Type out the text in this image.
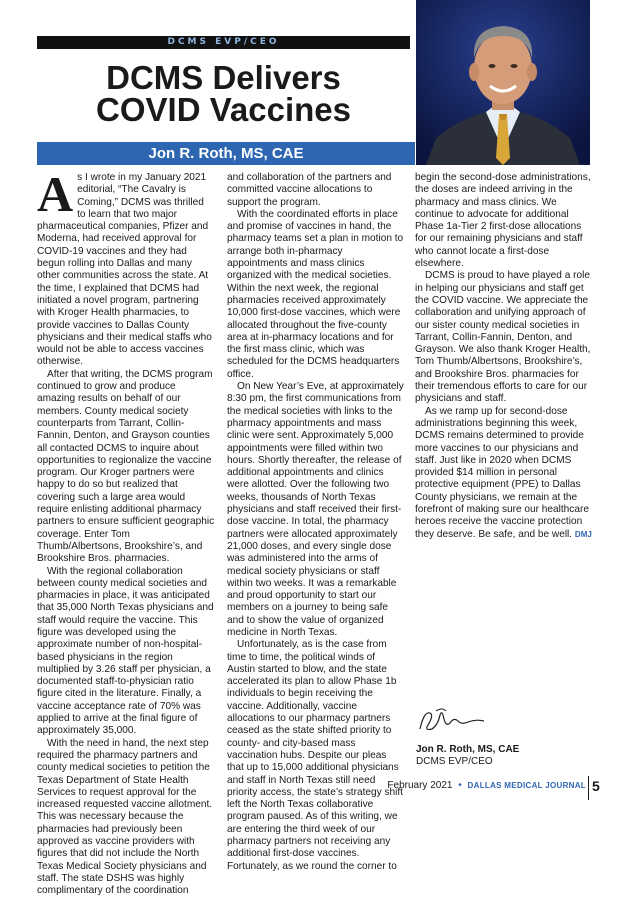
DCMS EVP/CEO
DCMS Delivers
COVID Vaccines
Jon R. Roth, MS, CAE

As I wrote in my January 2021 editorial, “The Cavalry is Coming,” DCMS was thrilled to learn that two major pharmaceutical companies, Pfizer and Moderna, had received approval for COVID-19 vaccines and they had begun rolling into Dallas and many other communities across the state. At the time, I explained that DCMS had initiated a novel program, partnering with Kroger Health pharmacies, to provide vaccines to Dallas County physicians and their medical staffs who would not be able to access vaccines otherwise.

After that writing, the DCMS program continued to grow and produce amazing results on behalf of our members. County medical society counterparts from Tarrant, Collin-Fannin, Denton, and Grayson counties all contacted DCMS to inquire about opportunities to regionalize the vaccine program. Our Kroger partners were happy to do so but realized that covering such a large area would require enlisting additional pharmacy partners to ensure sufficient geographic coverage. Enter Tom Thumb/Albertsons, Brookshire’s, and Brookshire Bros. pharmacies.

With the regional collaboration between county medical societies and pharmacies in place, it was anticipated that 35,000 North Texas physicians and staff would require the vaccine. This figure was developed using the approximate number of non-hospital-based physicians in the region multiplied by 3.26 staff per physician, a documented staff-to-physician ratio figure cited in the literature. Finally, a vaccine acceptance rate of 70% was applied to arrive at the final figure of approximately 35,000.

With the need in hand, the next step required the pharmacy partners and county medical societies to petition the Texas Department of State Health Services to request approval for the increased requested vaccine allotment. This was necessary because the pharmacies had previously been approved as vaccine providers with figures that did not include the North Texas Medical Society physicians and staff. The state DSHS was highly complimentary of the coordination

and collaboration of the partners and committed vaccine allocations to support the program.

With the coordinated efforts in place and promise of vaccines in hand, the pharmacy teams set a plan in motion to arrange both in-pharmacy appointments and mass clinics organized with the medical societies. Within the next week, the regional pharmacies received approximately 10,000 first-dose vaccines, which were allocated throughout the five-county area at in-pharmacy locations and for the first mass clinic, which was scheduled for the DCMS headquarters office.

On New Year’s Eve, at approximately 8:30 pm, the first communications from the medical societies with links to the pharmacy appointments and mass clinic were sent. Approximately 5,000 appointments were filled within two hours. Shortly thereafter, the release of additional appointments and clinics were allotted. Over the following two weeks, thousands of North Texas physicians and staff received their first-dose vaccine. In total, the pharmacy partners were allocated approximately 21,000 doses, and every single dose was administered into the arms of medical society physicians or staff within two weeks. It was a remarkable and proud opportunity to start our members on a journey to being safe and to show the value of organized medicine in North Texas.

Unfortunately, as is the case from time to time, the political winds of Austin started to blow, and the state accelerated its plan to allow Phase 1b individuals to begin receiving the vaccine. Additionally, vaccine allocations to our pharmacy partners ceased as the state shifted priority to county- and city-based mass vaccination hubs. Despite our pleas that up to 15,000 additional physicians and staff in North Texas still need priority access, the state’s strategy shift left the North Texas collaborative program paused. As of this writing, we are entering the third week of our pharmacy partners not receiving any additional first-dose vaccines. Fortunately, as we round the corner to

begin the second-dose administrations, the doses are indeed arriving in the pharmacy and mass clinics. We continue to advocate for additional Phase 1a-Tier 2 first-dose allocations for our remaining physicians and staff who cannot locate a first-dose elsewhere.

DCMS is proud to have played a role in helping our physicians and staff get the COVID vaccine. We appreciate the collaboration and unifying approach of our sister county medical societies in Tarrant, Collin-Fannin, Denton, and Grayson. We also thank Kroger Health, Tom Thumb/Albertsons, Brookshire’s, and Brookshire Bros. pharmacies for their tremendous efforts to care for our physicians and staff.

As we ramp up for second-dose administrations beginning this week, DCMS remains determined to provide more vaccines to our physicians and staff. Just like in 2020 when DCMS provided $14 million in personal protective equipment (PPE) to Dallas County physicians, we remain at the forefront of making sure our healthcare heroes receive the vaccine protection they deserve. Be safe, and be well. DMJ

Jon R. Roth, MS, CAE
DCMS EVP/CEO
February 2021 • DALLAS MEDICAL JOURNAL 5
